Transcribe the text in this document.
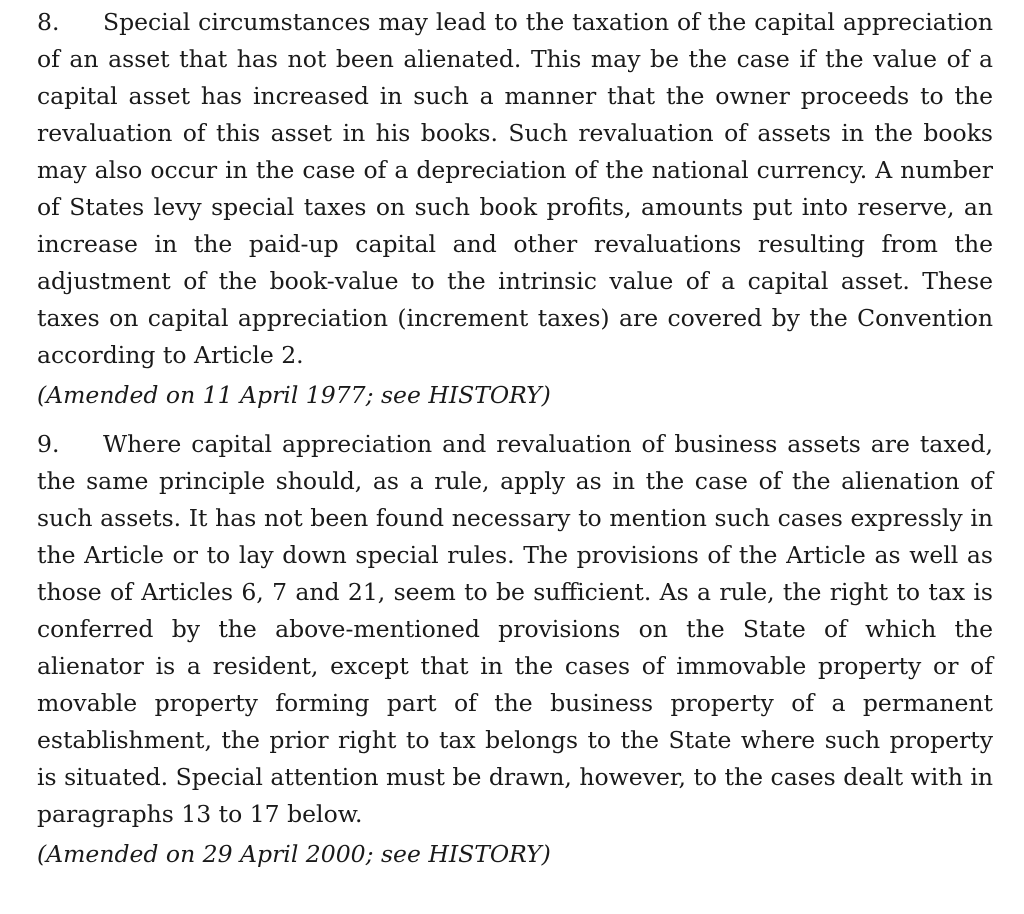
8. Special circumstances may lead to the taxation of the capital appreciation of an asset that has not been alienated. This may be the case if the value of a capital asset has increased in such a manner that the owner proceeds to the revaluation of this asset in his books. Such revaluation of assets in the books may also occur in the case of a depreciation of the national currency. A number of States levy special taxes on such book profits, amounts put into reserve, an increase in the paid-up capital and other revaluations resulting from the adjustment of the book-value to the intrinsic value of a capital asset. These taxes on capital appreciation (increment taxes) are covered by the Convention according to Article 2.

(Amended on 11 April 1977; see HISTORY)

9. Where capital appreciation and revaluation of business assets are taxed, the same principle should, as a rule, apply as in the case of the alienation of such assets. It has not been found necessary to mention such cases expressly in the Article or to lay down special rules. The provisions of the Article as well as those of Articles 6, 7 and 21, seem to be sufficient. As a rule, the right to tax is conferred by the above-mentioned provisions on the State of which the alienator is a resident, except that in the cases of immovable property or of movable property forming part of the business property of a permanent establishment, the prior right to tax belongs to the State where such property is situated. Special attention must be drawn, however, to the cases dealt with in paragraphs 13 to 17 below.

(Amended on 29 April 2000; see HISTORY)
